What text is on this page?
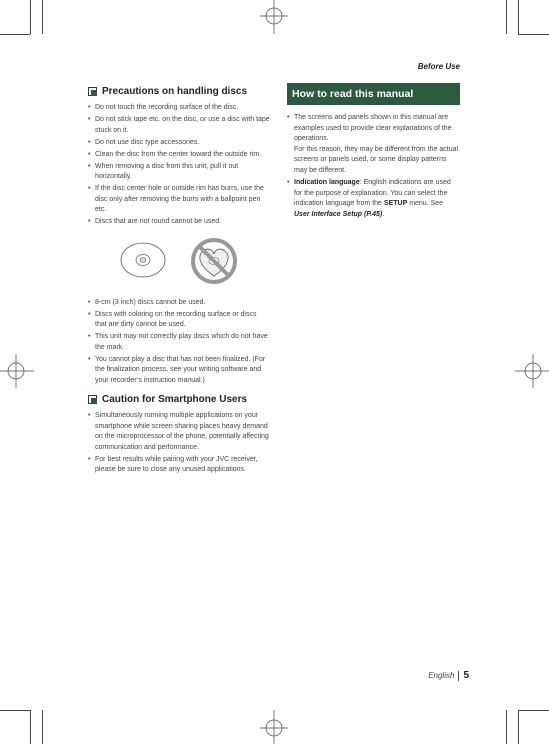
Before Use
Precautions on handling discs
• Do not touch the recording surface of the disc.
• Do not stick tape etc. on the disc, or use a disc with tape stuck on it.
• Do not use disc type accessories.
• Clean the disc from the center toward the outside rim.
• When removing a disc from this unit, pull it out horizontally.
• If the disc center hole or outside rim has burrs, use the disc only after removing the burrs with a ballpoint pen etc.
• Discs that are not round cannot be used.
• 8-cm (3 inch) discs cannot be used.
• Discs with coloring on the recording surface or discs that are dirty cannot be used.
• This unit may not correctly play discs which do not have the mark.
• You cannot play a disc that has not been finalized. (For the finalization process, see your writing software and your recorder’s instruction manual.)
Caution for Smartphone Users
• Simultaneously running multiple applications on your smartphone while screen sharing places heavy demand on the microprocessor of the phone, potentially affecting communication and performance.
• For best results while pairing with your JVC receiver, please be sure to close any unused applications.
How to read this manual
• The screens and panels shown in this manual are examples used to provide clear explanations of the operations.
For this reason, they may be different from the actual screens or panels used, or some display patterns may be different.
• Indication language: English indications are used for the purpose of explanation. You can select the indication language from the SETUP menu. See User Interface Setup (P.45).
English 5
